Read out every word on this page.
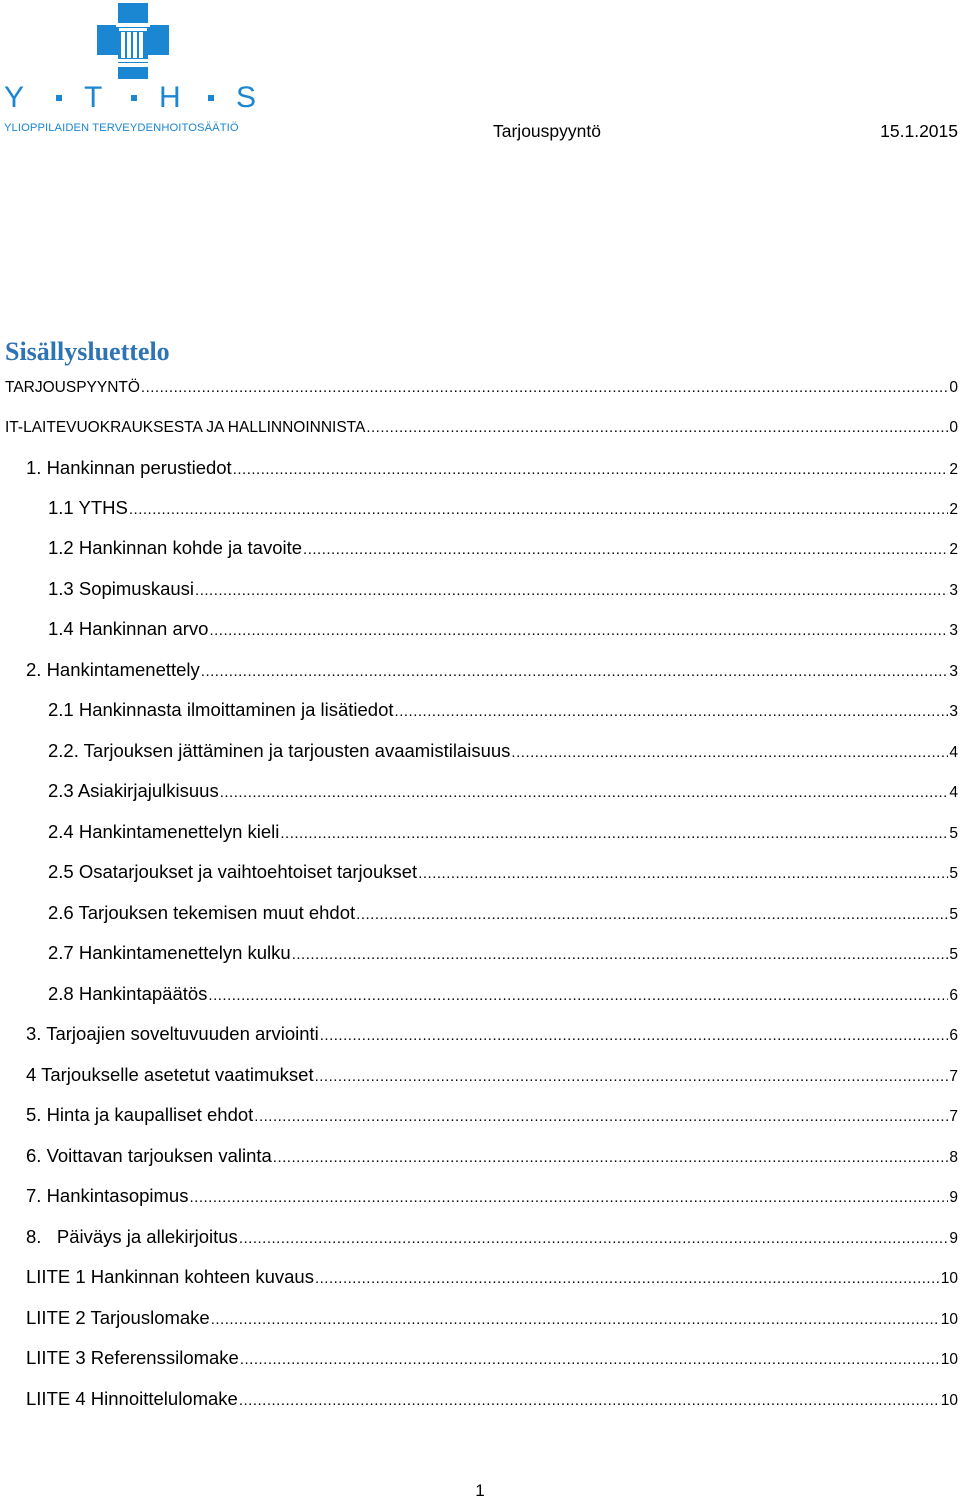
Y T H S
YLIOPPILAIDEN TERVEYDENHOITOSÄÄTIÖ	Tarjouspyyntö	15.1.2015
Sisällysluettelo
TARJOUSPYYNTÖ .....	0
IT-LAITEVUOKRAUKSESTA JA HALLINNOINNISTA .....	0
1. Hankinnan perustiedot .....	2
1.1 YTHS .....	2
1.2 Hankinnan kohde ja tavoite .....	2
1.3 Sopimuskausi .....	3
1.4 Hankinnan arvo .....	3
2. Hankintamenettely .....	3
2.1 Hankinnasta ilmoittaminen ja lisätiedot .....	3
2.2. Tarjouksen jättäminen ja tarjousten avaamistilaisuus .....	4
2.3 Asiakirjajulkisuus .....	4
2.4 Hankintamenettelyn kieli .....	5
2.5 Osatarjoukset ja vaihtoehtoiset tarjoukset .....	5
2.6 Tarjouksen tekemisen muut ehdot .....	5
2.7 Hankintamenettelyn kulku .....	5
2.8 Hankintapäätös .....	6
3. Tarjoajien soveltuvuuden arviointi .....	6
4 Tarjoukselle asetetut vaatimukset .....	7
5. Hinta ja kaupalliset ehdot .....	7
6. Voittavan tarjouksen valinta .....	8
7. Hankintasopimus .....	9
8.   Päiväys ja allekirjoitus .....	9
LIITE 1 Hankinnan kohteen kuvaus .....	10
LIITE 2 Tarjouslomake .....	10
LIITE 3 Referenssilomake .....	10
LIITE 4 Hinnoittelulomake .....	10
1
